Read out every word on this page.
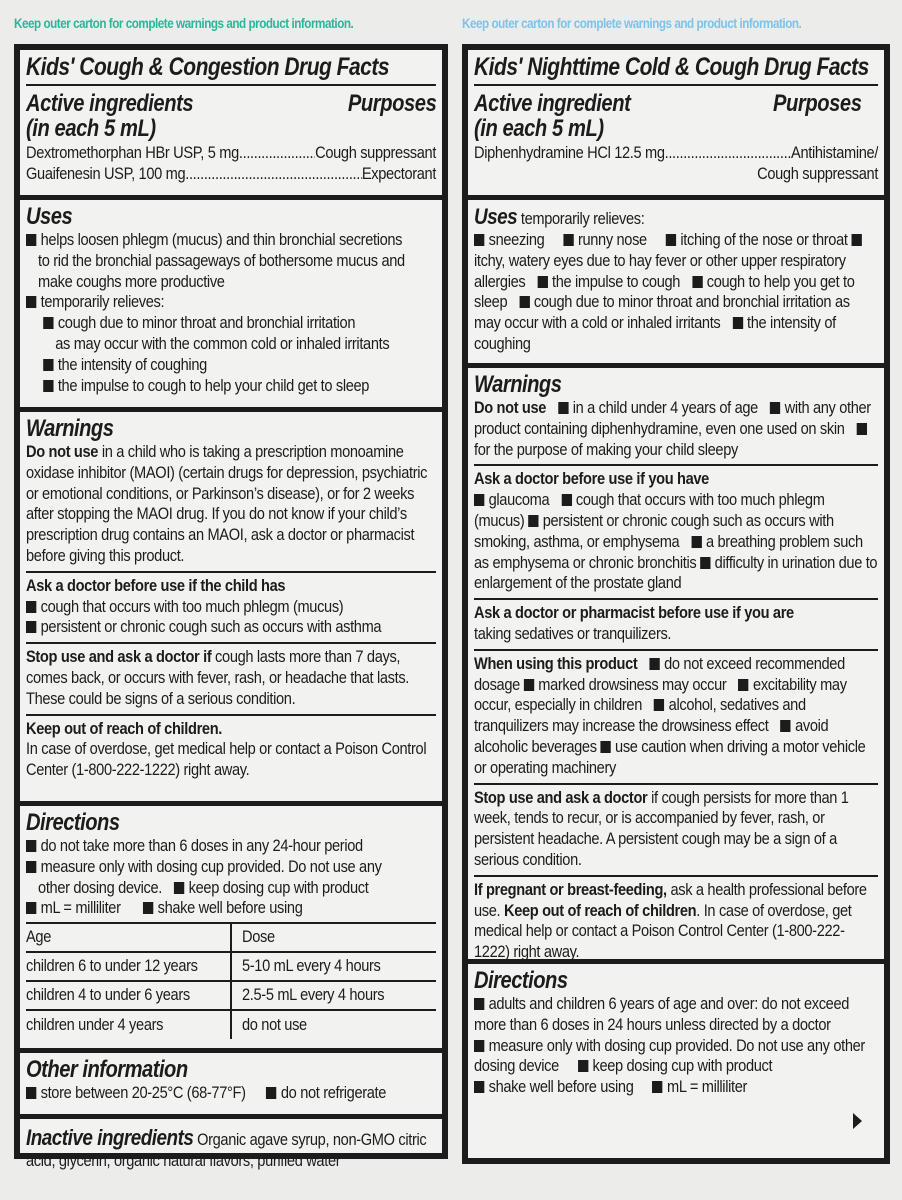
Keep outer carton for complete warnings and product information.	Keep outer carton for complete warnings and product information.
Kids' Cough & Congestion Drug Facts
Active ingredients
(in each 5 mL)
Purposes
Dextromethorphan HBr USP, 5 mg .....	Cough suppressant
Guaifenesin USP, 100 mg .....	Expectorant
Uses
helps loosen phlegm (mucus) and thin bronchial secretions
to rid the bronchial passageways of bothersome mucus and
make coughs more productive
temporarily relieves:
cough due to minor throat and bronchial irritation
as may occur with the common cold or inhaled irritants
the intensity of coughing
the impulse to cough to help your child get to sleep
Warnings
Do not use in a child who is taking a prescription monoamine oxidase inhibitor (MAOI) (certain drugs for depression, psychiatric or emotional conditions, or Parkinson’s disease), or for 2 weeks after stopping the MAOI drug. If you do not know if your child’s prescription drug contains an MAOI, ask a doctor or pharmacist before giving this product.
Ask a doctor before use if the child has
cough that occurs with too much phlegm (mucus)
persistent or chronic cough such as occurs with asthma
Stop use and ask a doctor if cough lasts more than 7 days, comes back, or occurs with fever, rash, or headache that lasts. These could be signs of a serious condition.
Keep out of reach of children.
In case of overdose, get medical help or contact a Poison Control Center (1-800-222-1222) right away.
Directions
do not take more than 6 doses in any 24-hour period
measure only with dosing cup provided. Do not use any
other dosing device. keep dosing cup with product
mL = milliliter shake well before using
Age	Dose
children 6 to under 12 years	5-10 mL every 4 hours
children 4 to under 6 years	2.5-5 mL every 4 hours
children under 4 years	do not use
Other information
store between 20-25°C (68-77°F) do not refrigerate
Inactive ingredients Organic agave syrup, non-GMO citric acid, glycerin, organic natural flavors, purified water
Kids' Nighttime Cold & Cough Drug Facts
Active ingredient
(in each 5 mL)
Purposes
Diphenhydramine HCl 12.5 mg .....	Antihistamine/
Cough suppressant
Uses temporarily relieves:
sneezing runny nose itching of the nose or throat itchy, watery eyes due to hay fever or other upper respiratory allergies the impulse to cough cough to help you get to sleep cough due to minor throat and bronchial irritation as may occur with a cold or inhaled irritants the intensity of coughing
Warnings
Do not use in a child under 4 years of age with any other product containing diphenhydramine, even one used on skinfor the purpose of making your child sleepy
Ask a doctor before use if you have
glaucoma cough that occurs with too much phlegm (mucus) persistent or chronic cough such as occurs with smoking, asthma, or emphysema a breathing problem such as emphysema or chronic bronchitis difficulty in urination due to enlargement of the prostate gland
Ask a doctor or pharmacist before use if you are
taking sedatives or tranquilizers.
When using this product do not exceed recommended dosage marked drowsiness may occur excitability may occur, especially in children alcohol, sedatives and tranquilizers may increase the drowsiness effect avoid alcoholic beverages use caution when driving a motor vehicle or operating machinery
Stop use and ask a doctor if cough persists for more than 1 week, tends to recur, or is accompanied by fever, rash, or persistent headache. A persistent cough may be a sign of a serious condition.
If pregnant or breast-feeding, ask a health professional before use. Keep out of reach of children. In case of overdose, get medical help or contact a Poison Control Center (1-800-222-1222) right away.
Directions
adults and children 6 years of age and over: do not exceed more than 6 doses in 24 hours unless directed by a doctor
measure only with dosing cup provided. Do not use any other dosing device keep dosing cup with product
shake well before using mL = milliliter
